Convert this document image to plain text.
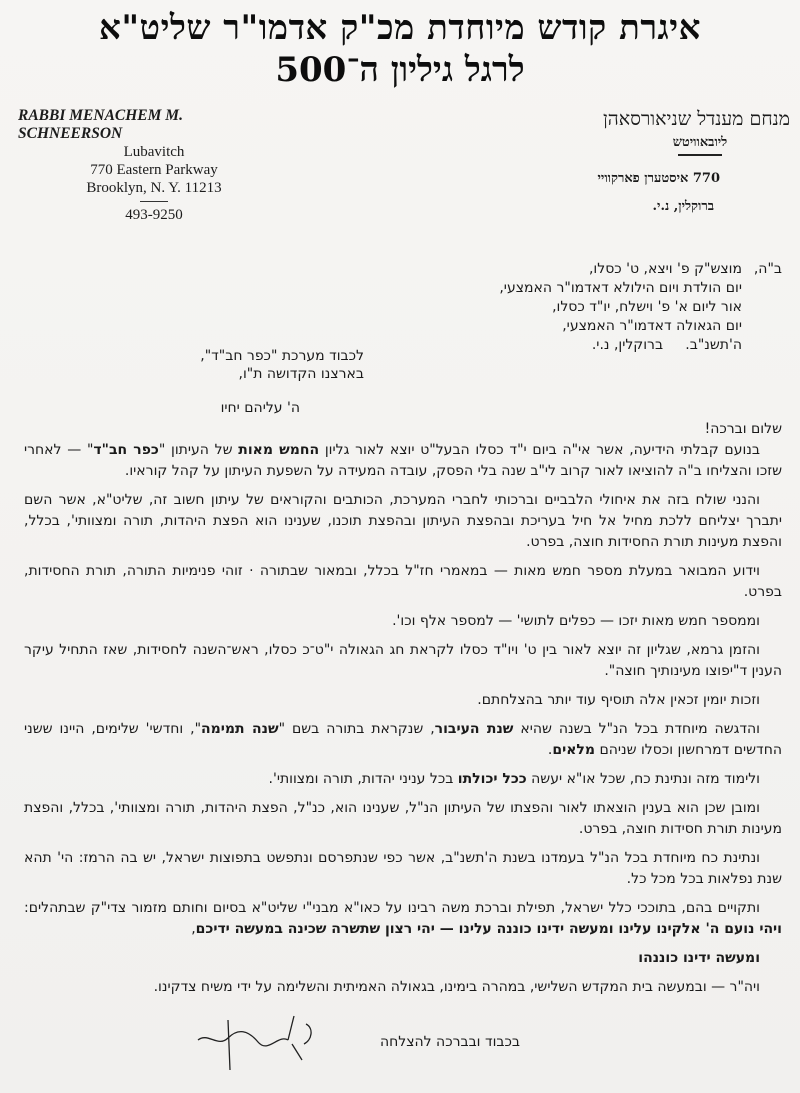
איגרת קודש מיוחדת מכ"ק אדמו"ר שליט"א
לרגל גיליון ה־500
RABBI MENACHEM M. SCHNEERSON
Lubavitch
770 Eastern Parkway
Brooklyn, N. Y. 11213
493-9250
מנחם מענדל שניאורסאהן
ליובאוויטש
770 איסטערן פארקוויי
ברוקלין, נ.י.
ב"ה,
מוצש"ק פ' ויצא, ט' כסלו,
יום הולדת ויום הילולא דאדמו"ר האמצעי,
אור ליום א' פ' וישלח, יו"ד כסלו,
יום הגאולה דאדמו"ר האמצעי,
ה'תשנ"ב.     ברוקלין, נ.י.
לכבוד מערכת "כפר חב"ד",
בארצנו הקדושה ת"ו,
ה' עליהם יחיו
שלום וברכה!

בנועם קבלתי הידיעה, אשר אי"ה ביום י"ד כסלו הבעל"ט יוצא לאור גליון החמש מאות של העיתון "כפר חב"ד" — לאחרי שזכו והצליחו ב"ה להוציאו לאור קרוב לי"ב שנה בלי הפסק, עובדה המעידה על השפעת העיתון על קהל קוראיו.

והנני שולח בזה את איחולי הלבביים וברכותי לחברי המערכת, הכותבים והקוראים של עיתון חשוב זה, שליט"א, אשר השם יתברך יצליחם ללכת מחיל אל חיל בעריכת ובהפצת העיתון ובהפצת תוכנו, שענינו הוא הפצת היהדות, תורה ומצוותי', בכלל, והפצת מעינות תורת החסידות חוצה, בפרט.

וידוע המבואר במעלת מספר חמש מאות — במאמרי חז"ל בכלל, ובמאור שבתורה · זוהי פנימיות התורה, תורת החסידות, בפרט.

וממספר חמש מאות יזכו — כפלים לתושי' — למספר אלף וכו'.

והזמן גרמא, שגליון זה יוצא לאור בין ט' ויו"ד כסלו לקראת חג הגאולה י"ט־כ כסלו, ראש־השנה לחסידות, שאז התחיל עיקר הענין ד"יפוצו מעינותיך חוצה".

וזכות יומין זכאין אלה תוסיף עוד יותר בהצלחתם.

והדגשה מיוחדת בכל הנ"ל בשנה שהיא שנת העיבור, שנקראת בתורה בשם "שנה תמימה", וחדשי' שלימים, היינו ששני החדשים דמרחשון וכסלו שניהם מלאים.

ולימוד מזה ונתינת כח, שכל או"א יעשה ככל יכולתו בכל עניני יהדות, תורה ומצוותי'.

ומובן שכן הוא בענין הוצאתו לאור והפצתו של העיתון הנ"ל, שענינו הוא, כנ"ל, הפצת היהדות, תורה ומצוותי', בכלל, והפצת מעינות תורת חסידות חוצה, בפרט.

ונתינת כח מיוחדת בכל הנ"ל בעמדנו בשנת ה'תשנ"ב, אשר כפי שנתפרסם ונתפשט בתפוצות ישראל, יש בה הרמז: הי' תהא שנת נפלאות בכל מכל כל.

ותקויים בהם, בתוככי כלל ישראל, תפילת וברכת משה רבינו על כאו"א מבני"י שליט"א בסיום וחותם מזמור צדי"ק שבתהלים: ויהי נועם ה' אלקינו עלינו ומעשה ידינו כוננה עלינו — יהי רצון שתשרה שכינה במעשה ידיכם,

ומעשה ידינו כוננהו

ויה"ר — ובמעשה בית המקדש השלישי, במהרה בימינו, בגאולה האמיתית והשלימה על ידי משיח צדקינו.

בכבוד ובברכה להצלחה
